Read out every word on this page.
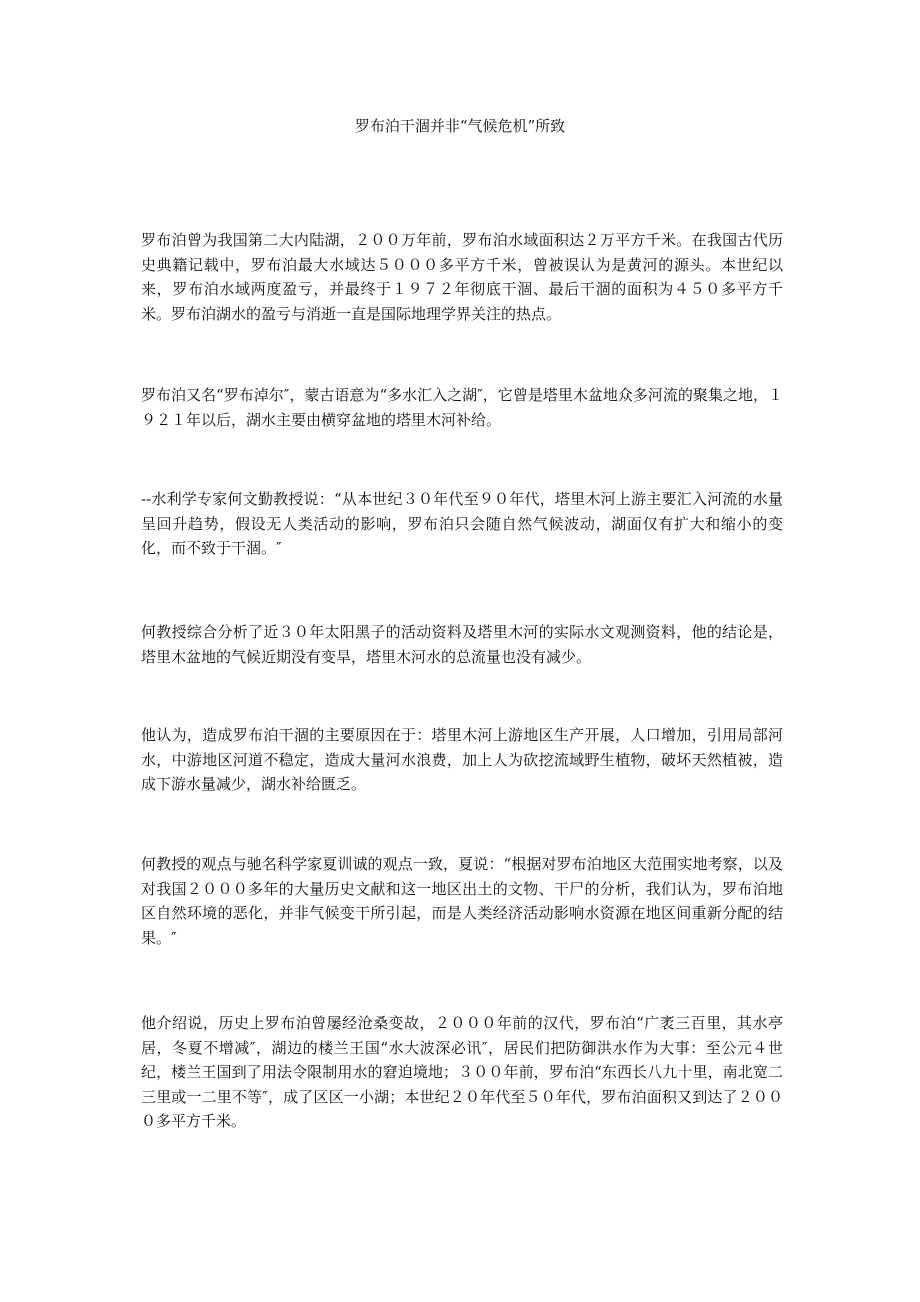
罗布泊干涸并非“气候危机”所致

罗布泊曾为我国第二大内陆湖，２００万年前，罗布泊水域面积达２万平方千米。在我国古代历史典籍记载中，罗布泊最大水域达５０００多平方千米，曾被误认为是黄河的源头。本世纪以来，罗布泊水域两度盈亏，并最终于１９７２年彻底干涸、最后干涸的面积为４５０多平方千米。罗布泊湖水的盈亏与消逝一直是国际地理学界关注的热点。

罗布泊又名“罗布淖尔″，蒙古语意为“多水汇入之湖″，它曾是塔里木盆地众多河流的聚集之地，１９２１年以后，湖水主要由横穿盆地的塔里木河补给。

--水利学专家何文勤教授说：“从本世纪３０年代至９０年代，塔里木河上游主要汇入河流的水量呈回升趋势，假设无人类活动的影响，罗布泊只会随自然气候波动，湖面仅有扩大和缩小的变化，而不致于干涸。″

何教授综合分析了近３０年太阳黑子的活动资料及塔里木河的实际水文观测资料，他的结论是，塔里木盆地的气候近期没有变旱，塔里木河水的总流量也没有减少。

他认为，造成罗布泊干涸的主要原因在于：塔里木河上游地区生产开展，人口增加，引用局部河水，中游地区河道不稳定，造成大量河水浪费，加上人为砍挖流域野生植物，破坏天然植被，造成下游水量减少，湖水补给匮乏。

何教授的观点与驰名科学家夏训诚的观点一致，夏说：“根据对罗布泊地区大范围实地考察，以及对我国２０００多年的大量历史文献和这一地区出土的文物、干尸的分析，我们认为，罗布泊地区自然环境的恶化，并非气候变干所引起，而是人类经济活动影响水资源在地区间重新分配的结果。″

他介绍说，历史上罗布泊曾屡经沧桑变故，２０００年前的汉代，罗布泊“广袤三百里，其水亭居，冬夏不增减″，湖边的楼兰王国“水大波深必讯″，居民们把防御洪水作为大事：至公元４世纪，楼兰王国到了用法令限制用水的窘迫境地；３００年前，罗布泊“东西长八九十里，南北宽二三里或一二里不等″，成了区区一小湖；本世纪２０年代至５０年代，罗布泊面积又到达了２０００多平方千米。
